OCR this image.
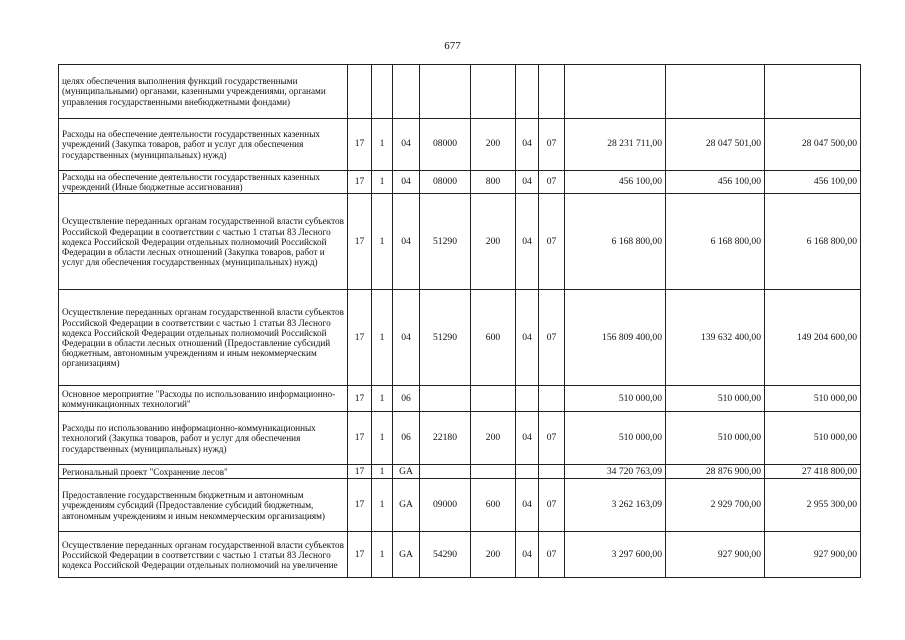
677
целях обеспечения выполнения функций государственными (муниципальными) органами, казенными учреждениями, органами управления государственными внебюджетными фондами)										
Расходы на обеспечение деятельности государственных казенных учреждений (Закупка товаров, работ и услуг для обеспечения государственных (муниципальных) нужд)	17	1	04	08000	200	04	07	28 231 711,00	28 047 501,00	28 047 500,00
Расходы на обеспечение деятельности государственных казенных учреждений (Иные бюджетные ассигнования)	17	1	04	08000	800	04	07	456 100,00	456 100,00	456 100,00
Осуществление переданных органам государственной власти субъектов Российской Федерации в соответствии с частью 1 статьи 83 Лесного кодекса Российской Федерации отдельных полномочий Российской Федерации в области лесных отношений (Закупка товаров, работ и услуг для обеспечения государственных (муниципальных) нужд)	17	1	04	51290	200	04	07	6 168 800,00	6 168 800,00	6 168 800,00
Осуществление переданных органам государственной власти субъектов Российской Федерации в соответствии с частью 1 статьи 83 Лесного кодекса Российской Федерации отдельных полномочий Российской Федерации в области лесных отношений (Предоставление субсидий бюджетным, автономным учреждениям и иным некоммерческим организациям)	17	1	04	51290	600	04	07	156 809 400,00	139 632 400,00	149 204 600,00
Основное мероприятие "Расходы по использованию информационно-коммуникационных технологий"	17	1	06					510 000,00	510 000,00	510 000,00
Расходы по использованию информационно-коммуникационных технологий (Закупка товаров, работ и услуг для обеспечения государственных (муниципальных) нужд)	17	1	06	22180	200	04	07	510 000,00	510 000,00	510 000,00
Региональный проект "Сохранение лесов"	17	1	GA					34 720 763,09	28 876 900,00	27 418 800,00
Предоставление государственным бюджетным и автономным учреждениям субсидий (Предоставление субсидий бюджетным, автономным учреждениям и иным некоммерческим организациям)	17	1	GA	09000	600	04	07	3 262 163,09	2 929 700,00	2 955 300,00
Осуществление переданных органам государственной власти субъектов Российской Федерации в соответствии с частью 1 статьи 83 Лесного кодекса Российской Федерации отдельных полномочий на увеличение	17	1	GA	54290	200	04	07	3 297 600,00	927 900,00	927 900,00
